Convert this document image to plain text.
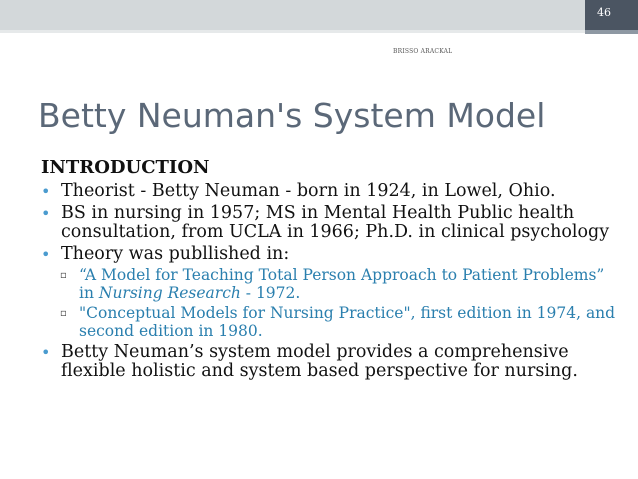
46
BRISSO ARACKAL
Betty Neuman's System Model
INTRODUCTION
• Theorist - Betty Neuman - born in 1924, in Lowel, Ohio.
• BS in nursing in 1957; MS in Mental Health Public health consultation, from UCLA in 1966; Ph.D. in clinical psychology
• Theory was publlished in:
▫ “A Model for Teaching Total Person Approach to Patient Problems” in Nursing Research - 1972.
▫ "Conceptual Models for Nursing Practice", first edition in 1974, and second edition in 1980.
• Betty Neuman’s system model provides a comprehensive flexible holistic and system based perspective for nursing.
